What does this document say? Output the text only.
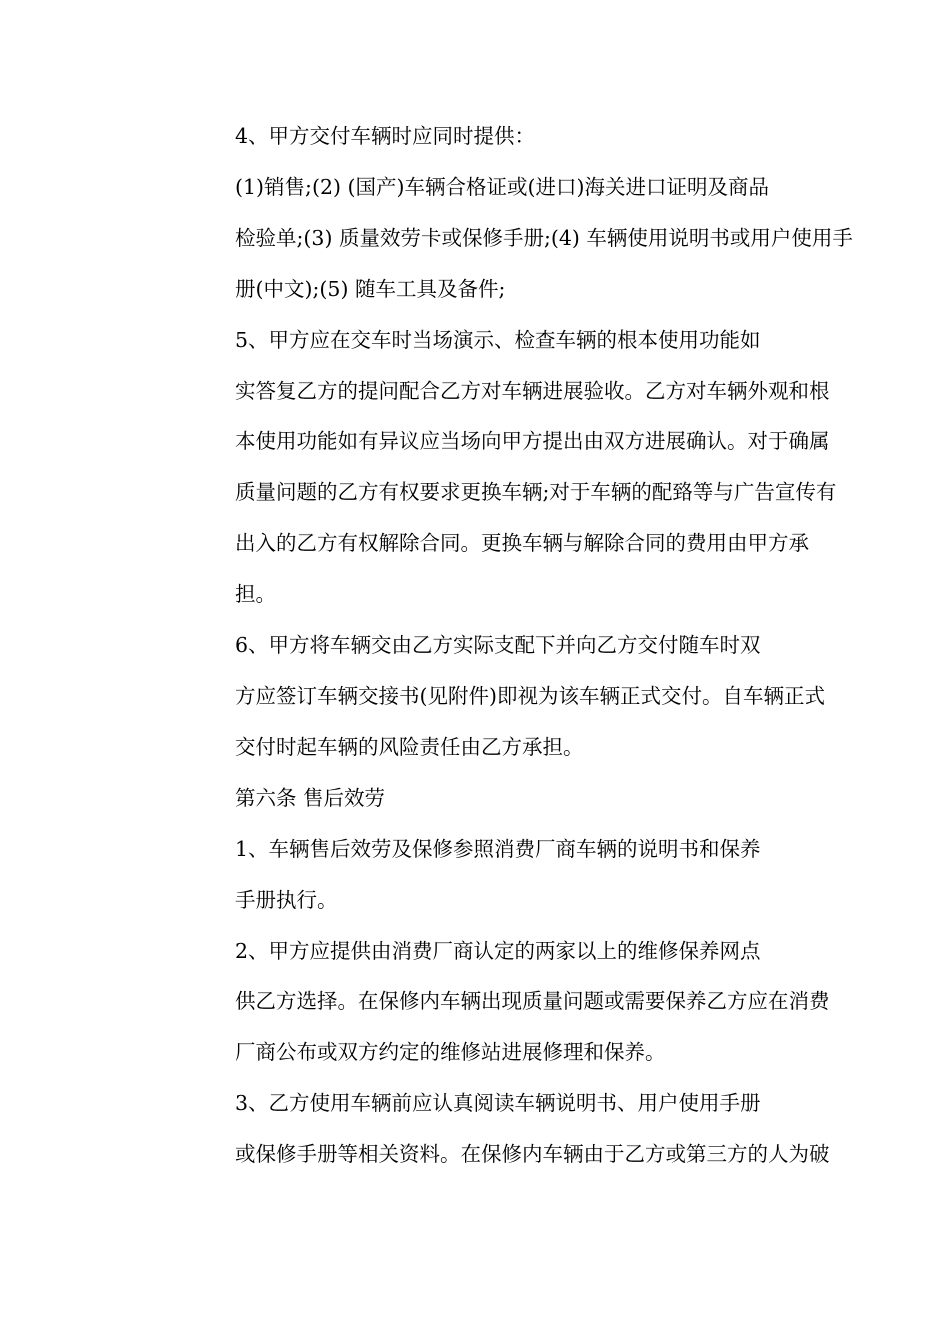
4、甲方交付车辆时应同时提供：

(1)销售;(2) (国产)车辆合格证或(进口)海关进口证明及商品
检验单;(3) 质量效劳卡或保修手册;(4) 车辆使用说明书或用户使用手
册(中文);(5) 随车工具及备件;

5、甲方应在交车时当场演示、检查车辆的根本使用功能如
实答复乙方的提问配合乙方对车辆进展验收。乙方对车辆外观和根
本使用功能如有异议应当场向甲方提出由双方进展确认。对于确属
质量问题的乙方有权要求更换车辆;对于车辆的配臵等与广告宣传有
出入的乙方有权解除合同。更换车辆与解除合同的费用由甲方承
担。

6、甲方将车辆交由乙方实际支配下并向乙方交付随车时双
方应签订车辆交接书(见附件)即视为该车辆正式交付。自车辆正式
交付时起车辆的风险责任由乙方承担。

第六条 售后效劳

1、车辆售后效劳及保修参照消费厂商车辆的说明书和保养
手册执行。

2、甲方应提供由消费厂商认定的两家以上的维修保养网点
供乙方选择。在保修内车辆出现质量问题或需要保养乙方应在消费
厂商公布或双方约定的维修站进展修理和保养。

3、乙方使用车辆前应认真阅读车辆说明书、用户使用手册
或保修手册等相关资料。在保修内车辆由于乙方或第三方的人为破
